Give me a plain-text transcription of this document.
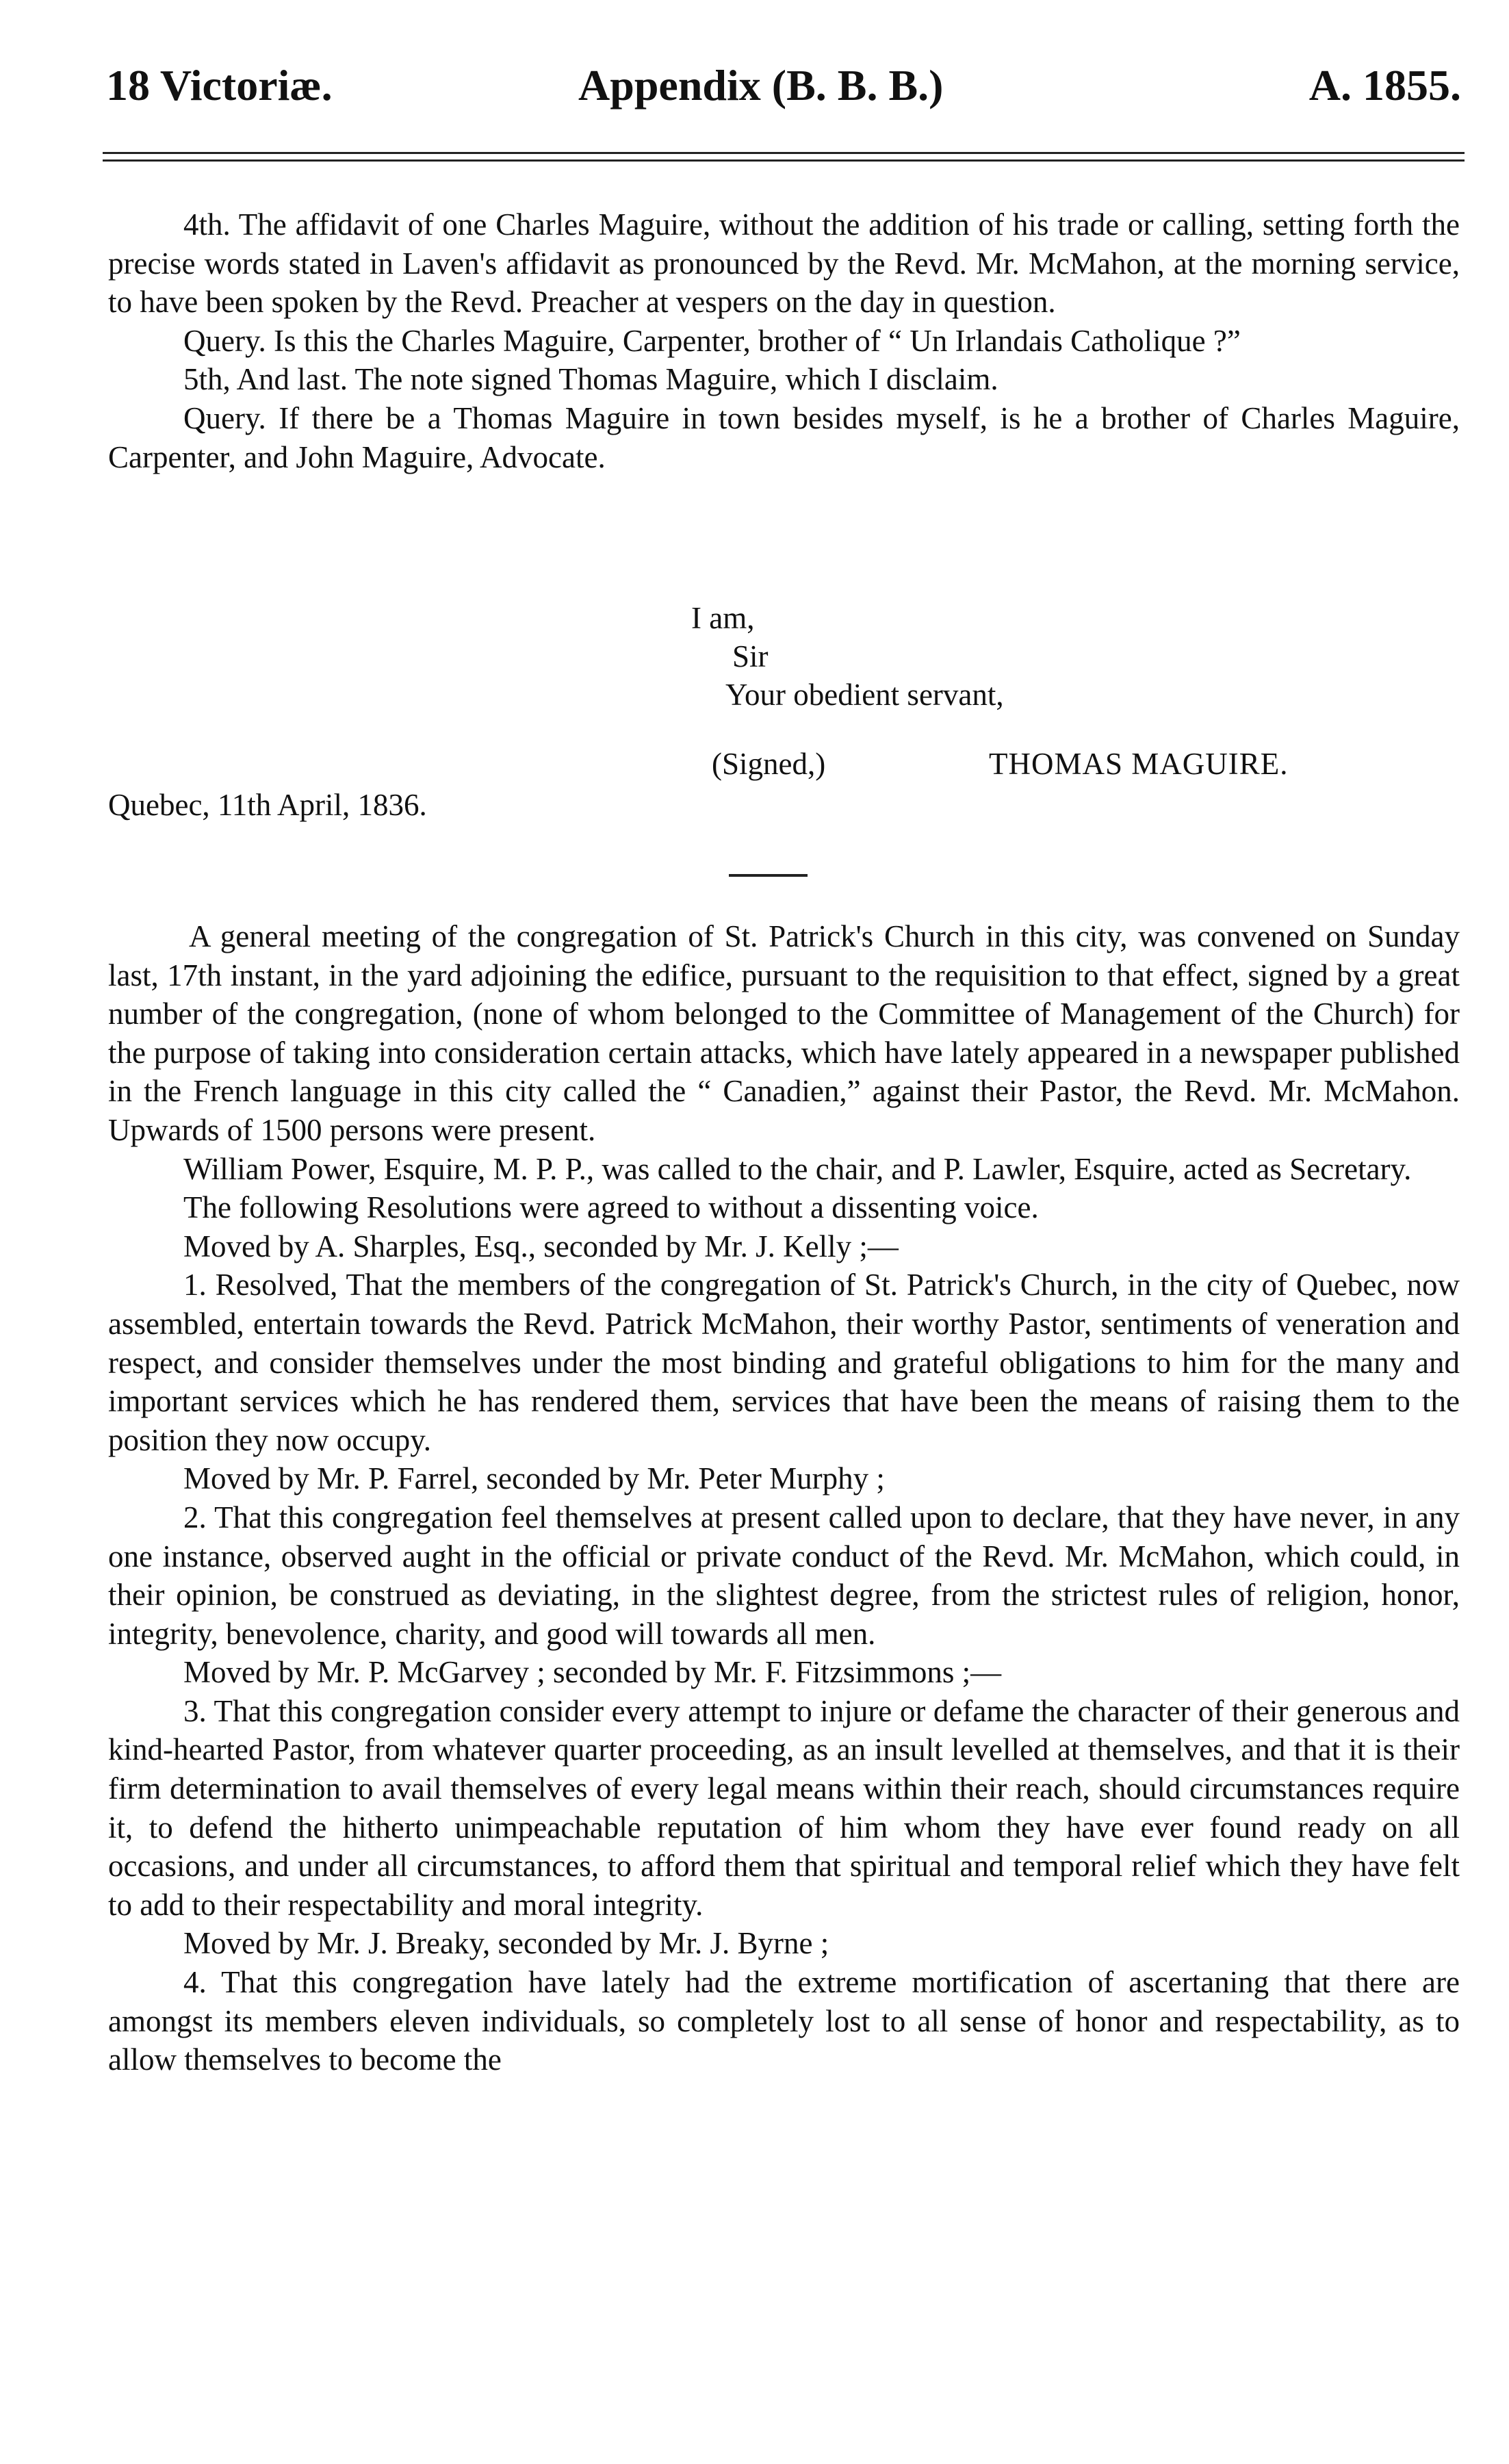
18 Victoriæ.	Appendix (B. B. B.)	A. 1855.

4th. The affidavit of one Charles Maguire, without the addition of his trade or calling, setting forth the precise words stated in Laven's affidavit as pronounced by the Revd. Mr. McMahon, at the morning service, to have been spoken by the Revd. Preacher at vespers on the day in question.

Query. Is this the Charles Maguire, Carpenter, brother of “ Un Irlandais Catholique ?”

5th, And last. The note signed Thomas Maguire, which I disclaim.

Query. If there be a Thomas Maguire in town besides myself, is he a brother of Charles Maguire, Carpenter, and John Maguire, Advocate.

I am,
Sir
Your obedient servant,
(Signed,)	THOMAS MAGUIRE.
Quebec, 11th April, 1836.

A general meeting of the congregation of St. Patrick's Church in this city, was convened on Sunday last, 17th instant, in the yard adjoining the edifice, pursuant to the requisition to that effect, signed by a great number of the congregation, (none of whom belonged to the Committee of Management of the Church) for the purpose of taking into consideration certain attacks, which have lately appeared in a newspaper published in the French language in this city called the “ Canadien,” against their Pastor, the Revd. Mr. McMahon. Upwards of 1500 persons were present.

William Power, Esquire, M. P. P., was called to the chair, and P. Lawler, Esquire, acted as Secretary.

The following Resolutions were agreed to without a dissenting voice.

Moved by A. Sharples, Esq., seconded by Mr. J. Kelly ;—

1. Resolved, That the members of the congregation of St. Patrick's Church, in the city of Quebec, now assembled, entertain towards the Revd. Patrick McMahon, their worthy Pastor, sentiments of veneration and respect, and consider themselves under the most binding and grateful obligations to him for the many and important services which he has rendered them, services that have been the means of raising them to the position they now occupy.

Moved by Mr. P. Farrel, seconded by Mr. Peter Murphy ;

2. That this congregation feel themselves at present called upon to declare, that they have never, in any one instance, observed aught in the official or private conduct of the Revd. Mr. McMahon, which could, in their opinion, be construed as deviating, in the slightest degree, from the strictest rules of religion, honor, integrity, benevolence, charity, and good will towards all men.

Moved by Mr. P. McGarvey ; seconded by Mr. F. Fitzsimmons ;—

3. That this congregation consider every attempt to injure or defame the character of their generous and kind-hearted Pastor, from whatever quarter proceeding, as an insult levelled at themselves, and that it is their firm determination to avail themselves of every legal means within their reach, should circumstances require it, to defend the hitherto unimpeachable reputation of him whom they have ever found ready on all occasions, and under all circumstances, to afford them that spiritual and temporal relief which they have felt to add to their respectability and moral integrity.

Moved by Mr. J. Breaky, seconded by Mr. J. Byrne ;

4. That this congregation have lately had the extreme mortification of ascertaning that there are amongst its members eleven individuals, so completely lost to all sense of honor and respectability, as to allow themselves to become the
